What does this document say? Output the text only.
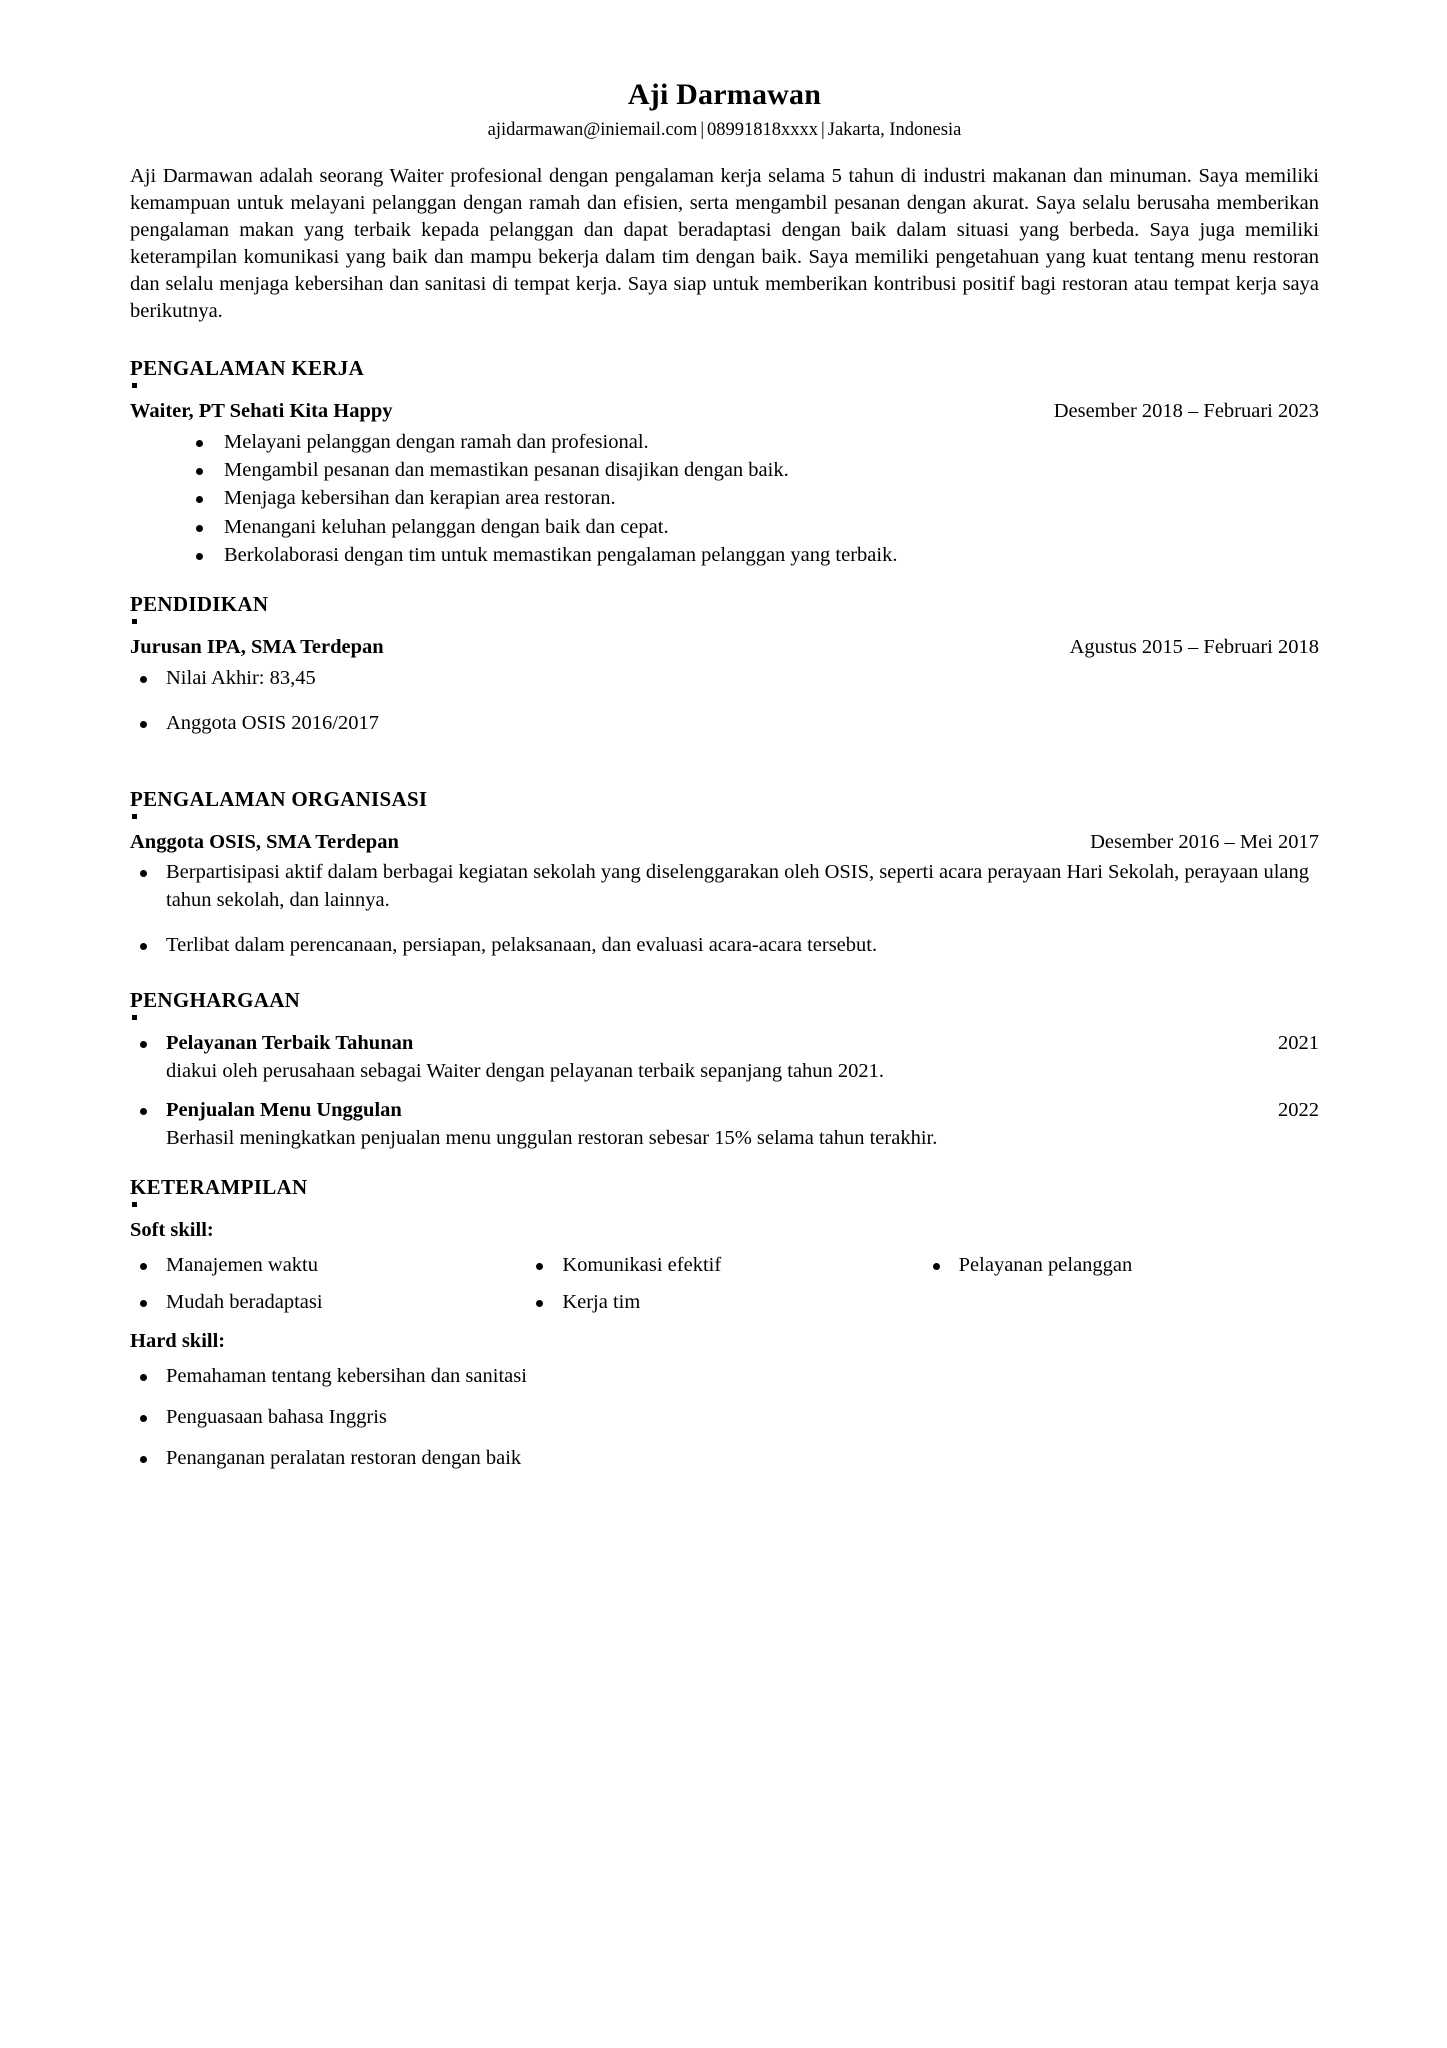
Aji Darmawan
ajidarmawan@iniemail.com | 08991818xxxx | Jakarta, Indonesia

Aji Darmawan adalah seorang Waiter profesional dengan pengalaman kerja selama 5 tahun di industri makanan dan minuman. Saya memiliki kemampuan untuk melayani pelanggan dengan ramah dan efisien, serta mengambil pesanan dengan akurat. Saya selalu berusaha memberikan pengalaman makan yang terbaik kepada pelanggan dan dapat beradaptasi dengan baik dalam situasi yang berbeda. Saya juga memiliki keterampilan komunikasi yang baik dan mampu bekerja dalam tim dengan baik. Saya memiliki pengetahuan yang kuat tentang menu restoran dan selalu menjaga kebersihan dan sanitasi di tempat kerja. Saya siap untuk memberikan kontribusi positif bagi restoran atau tempat kerja saya berikutnya.

PENGALAMAN KERJA
Waiter, PT Sehati Kita Happy	Desember 2018 – Februari 2023
Melayani pelanggan dengan ramah dan profesional.
Mengambil pesanan dan memastikan pesanan disajikan dengan baik.
Menjaga kebersihan dan kerapian area restoran.
Menangani keluhan pelanggan dengan baik dan cepat.
Berkolaborasi dengan tim untuk memastikan pengalaman pelanggan yang terbaik.
PENDIDIKAN
Jurusan IPA, SMA Terdepan	Agustus 2015 – Februari 2018
Nilai Akhir: 83,45
Anggota OSIS 2016/2017
PENGALAMAN ORGANISASI
Anggota OSIS, SMA Terdepan	Desember 2016 – Mei 2017
Berpartisipasi aktif dalam berbagai kegiatan sekolah yang diselenggarakan oleh OSIS, seperti acara perayaan Hari Sekolah, perayaan ulang tahun sekolah, dan lainnya.
Terlibat dalam perencanaan, persiapan, pelaksanaan, dan evaluasi acara-acara tersebut.
PENGHARGAAN
Pelayanan Terbaik Tahunan	2021
diakui oleh perusahaan sebagai Waiter dengan pelayanan terbaik sepanjang tahun 2021.
Penjualan Menu Unggulan	2022
Berhasil meningkatkan penjualan menu unggulan restoran sebesar 15% selama tahun terakhir.
KETERAMPILAN
Soft skill:
Manajemen waktu	Komunikasi efektif	Pelayanan pelanggan
Mudah beradaptasi	Kerja tim
Hard skill:
Pemahaman tentang kebersihan dan sanitasi
Penguasaan bahasa Inggris
Penanganan peralatan restoran dengan baik
